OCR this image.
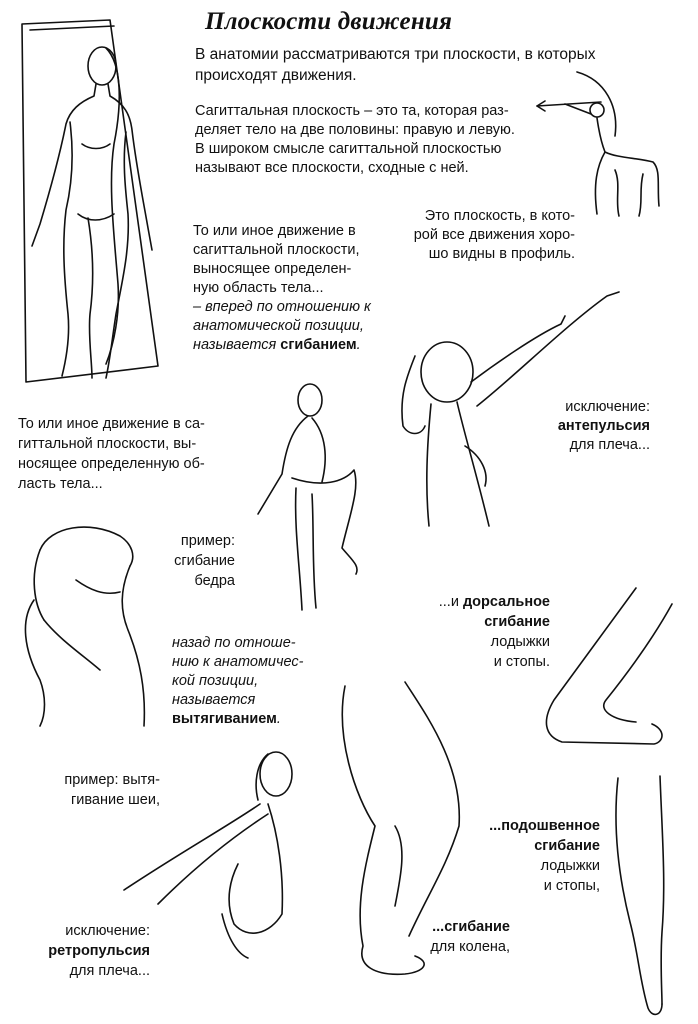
Плоскости движения
В анатомии рассматриваются три плоскости, в которых
происходят движения.
Сагиттальная плоскость – это та, которая раз-
деляет тело на две половины: правую и левую.
В широком смысле сагиттальной плоскостью
называют все плоскости, сходные с ней.
Это плоскость, в кото-
рой все движения хоро-
шо видны в профиль.
То или иное движение в
сагиттальной плоскости,
выносящее определен-
ную область тела...
– вперед по отношению к
анатомической позиции,
называется сгибанием.
То или иное движение в са-
гиттальной плоскости, вы-
носящее определенную об-
ласть тела...
исключение:
антепульсия
для плеча...
пример:
сгибание
бедра
...и дорсальное
сгибание
лодыжки
и стопы.
назад по отноше-
нию к анатомичес-
кой позиции,
называется
вытягиванием.
пример: вытя-
гивание шеи,
...подошвенное
сгибание
лодыжки
и стопы,
исключение:
ретропульсия
для плеча...
...сгибание
для колена,
